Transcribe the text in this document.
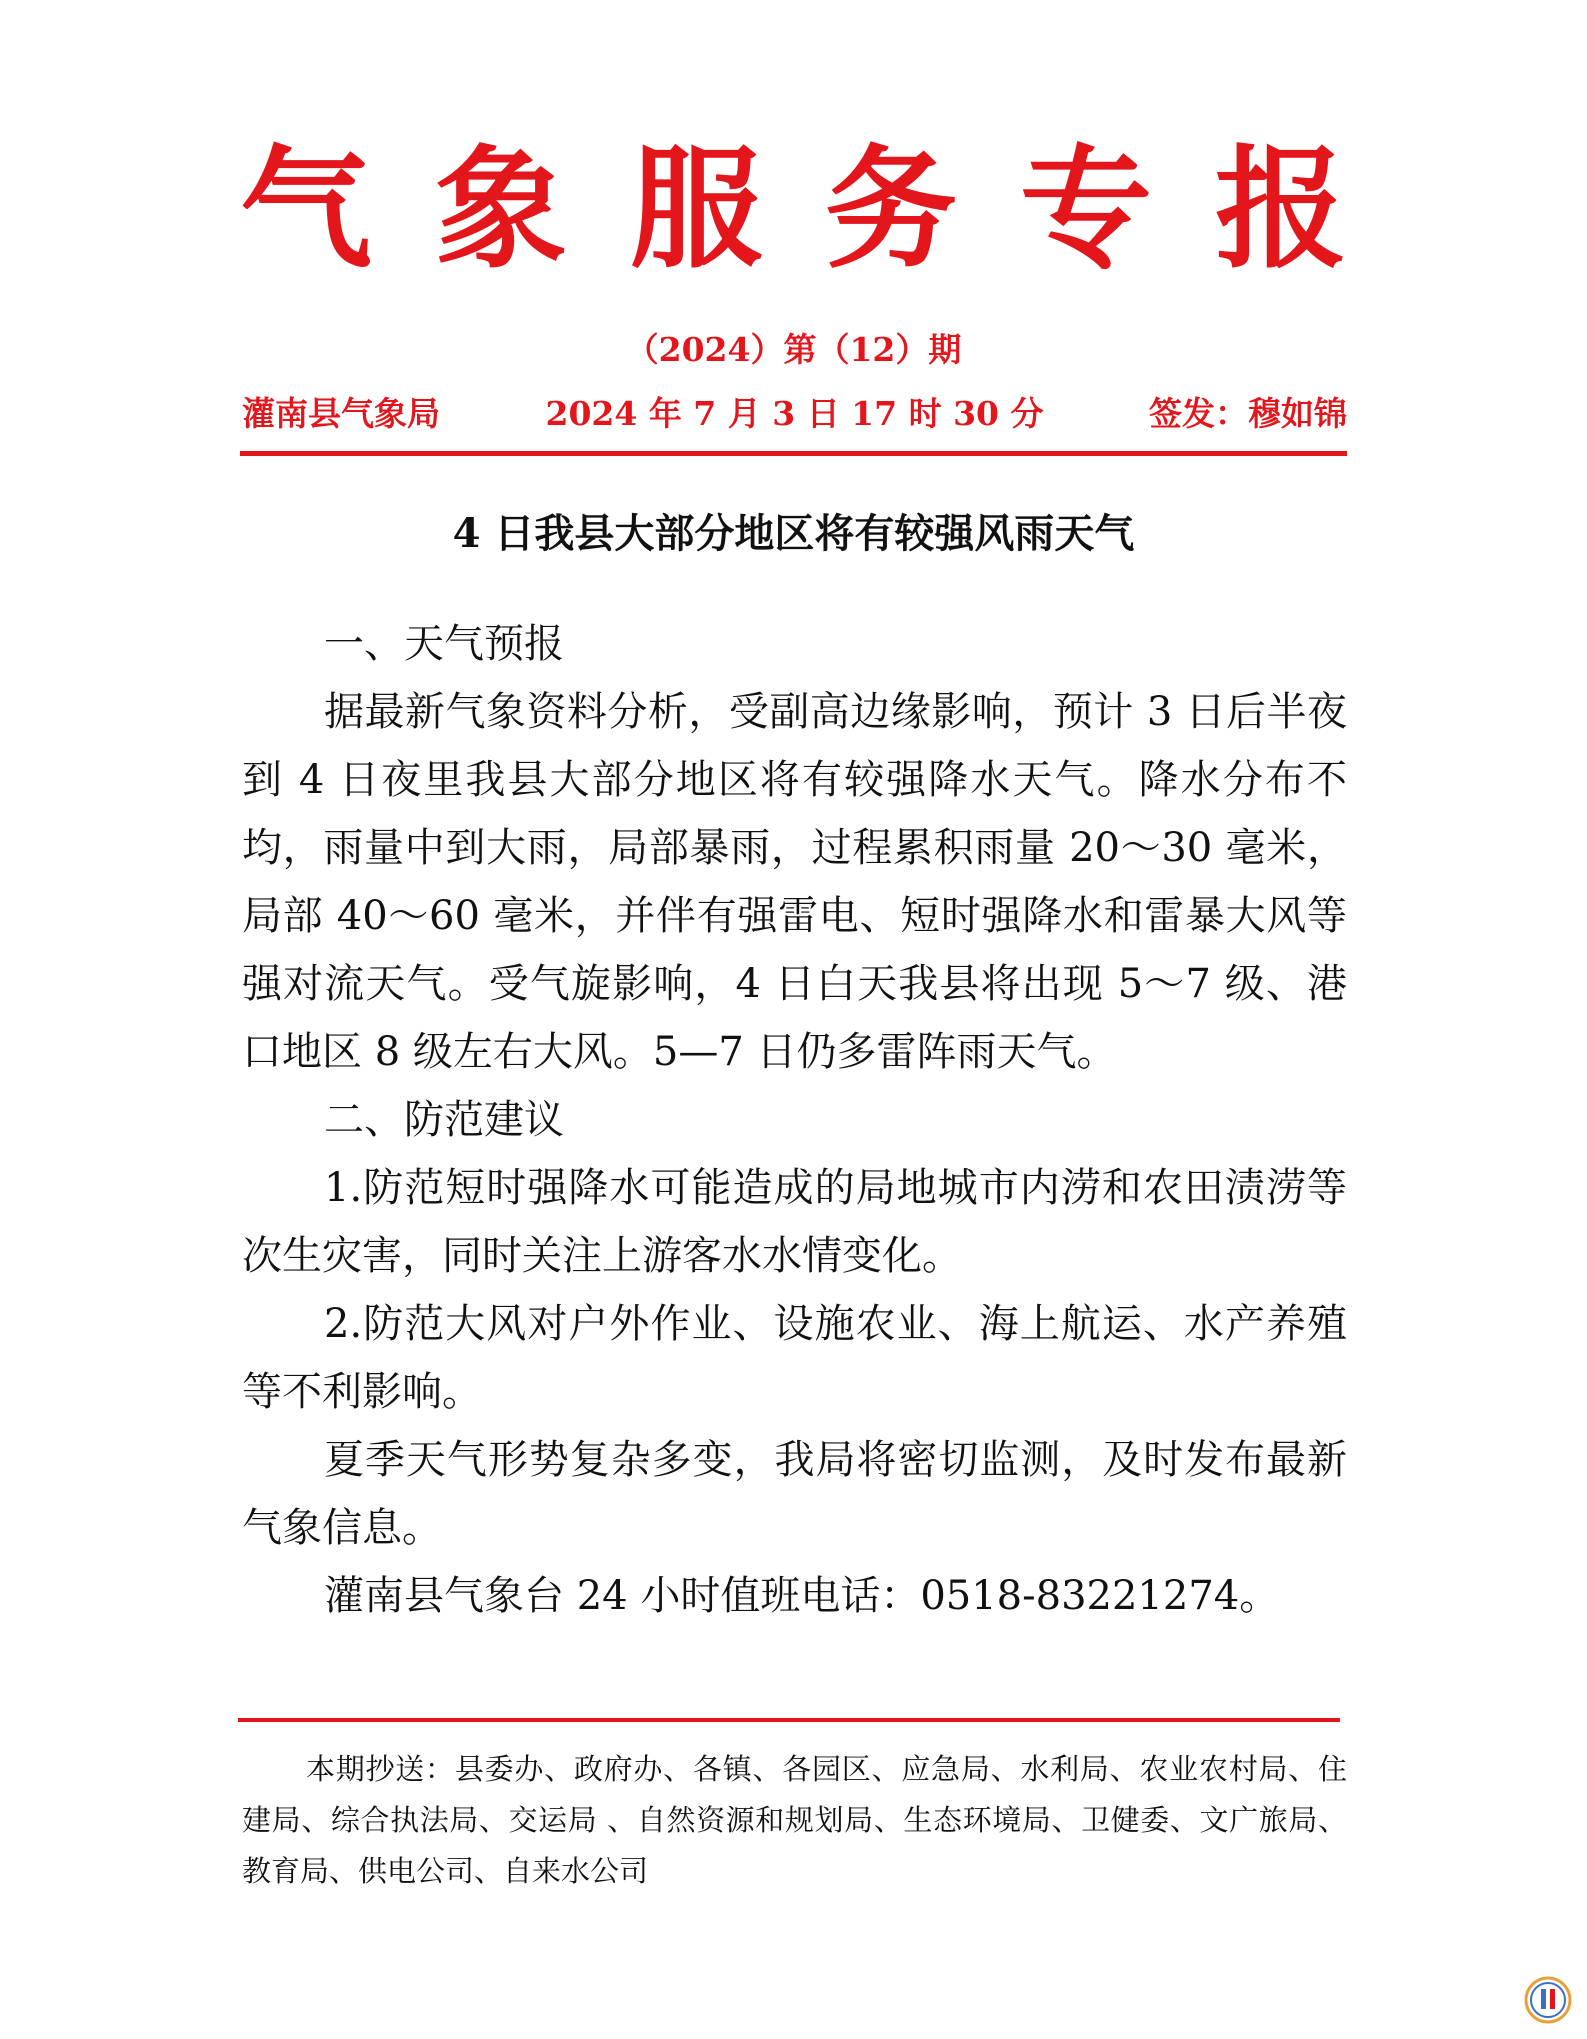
气 象 服 务 专 报
（2024）第（12）期
灌南县气象局	2024 年 7 月 3 日 17 时 30 分	签发：穆如锦
4 日我县大部分地区将有较强风雨天气
一、天气预报

据最新气象资料分析，受副高边缘影响，预计 3 日后半夜到 4 日夜里我县大部分地区将有较强降水天气。降水分布不均，雨量中到大雨，局部暴雨，过程累积雨量 20～30 毫米，局部 40～60 毫米，并伴有强雷电、短时强降水和雷暴大风等强对流天气。受气旋影响，4 日白天我县将出现 5～7 级、港口地区 8 级左右大风。5—7 日仍多雷阵雨天气。

二、防范建议

1.防范短时强降水可能造成的局地城市内涝和农田渍涝等次生灾害，同时关注上游客水水情变化。

2.防范大风对户外作业、设施农业、海上航运、水产养殖等不利影响。

夏季天气形势复杂多变，我局将密切监测，及时发布最新气象信息。

灌南县气象台 24 小时值班电话：0518-83221274。

本期抄送：县委办、政府办、各镇、各园区、应急局、水利局、农业农村局、住建局、综合执法局、交运局 、自然资源和规划局、生态环境局、卫健委、文广旅局、教育局、供电公司、自来水公司
